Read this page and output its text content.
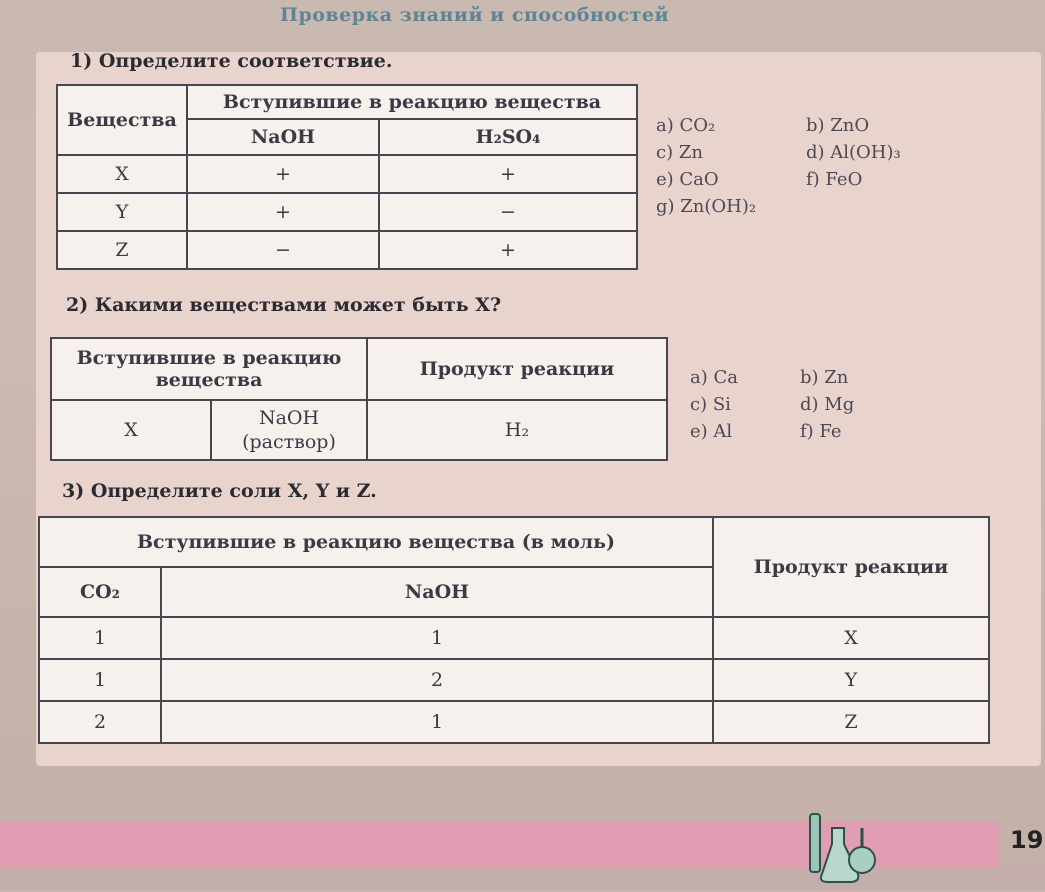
Проверка знаний и способностей
1) Определите соответствие.
Вещества	Вступившие в реакцию вещества	
	NaOH	H₂SO₄
X	+	+
Y	+	−
Z	−	+
a) CO₂	b) ZnO
c) Zn	d) Al(OH)₃
e) CaO	f) FeO
g) Zn(OH)₂
2) Какими веществами может быть X?
Вступившие в реакцию вещества		Продукт реакции
X	NaOH (раствор)	H₂
a) Ca	b) Zn
c) Si	d) Mg
e) Al	f) Fe
3) Определите соли X, Y и Z.
Вступившие в реакцию вещества (в моль)		Продукт реакции
CO₂	NaOH	
1	1	X
1	2	Y
2	1	Z
19
